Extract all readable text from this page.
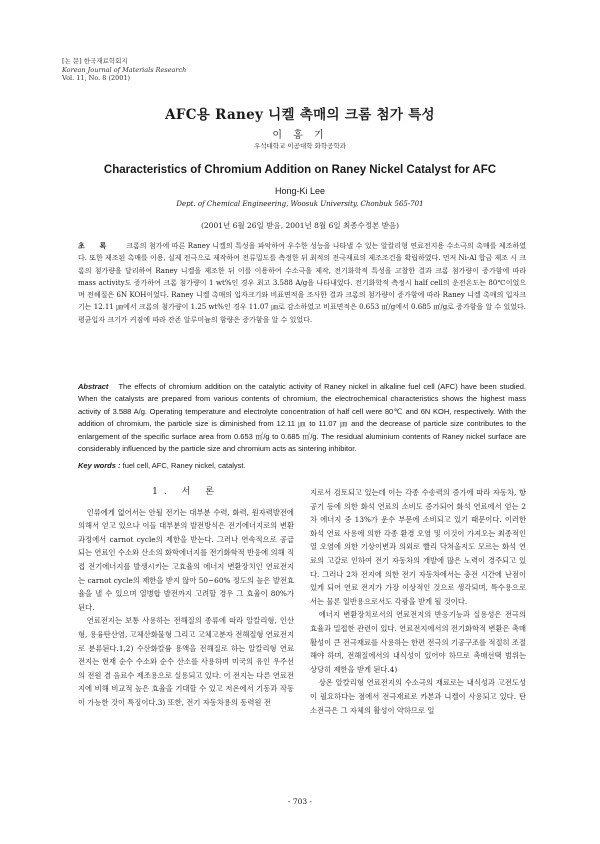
[논 문] 한국재료학회지
Korean Journal of Materials Research
Vol. 11, No. 8 (2001)
AFC용 Raney 니켈 촉매의 크롬 첨가 특성
이 홍 기
우석대학교 이공대학 화학공학과
Characteristics of Chromium Addition on Raney Nickel Catalyst for AFC
Hong-Ki Lee
Dept. of Chemical Engineering, Woosuk University, Chonbuk 565-701
(2001년 6월 26일 받음, 2001년 8월 6일 최종수정본 받음)

초 록 크롬의 첨가에 따른 Raney 니켈의 특성을 파악하여 우수한 성능을 나타낼 수 있는 알칼리형 연료전지용 수소극의 촉매를 제조하였다. 또한 제조된 촉매를 이용, 실제 전극으로 제작하여 전류밀도를 측정한 뒤 최적의 전극재료의 제조조건을 확립하였다. 먼저 Ni-Al 합금 제조 시 크롬의 첨가량을 달리하여 Raney 니켈을 제조한 뒤 이를 이용하여 수소극을 제작, 전기화학적 특성을 고찰한 결과 크롬 첨가량이 증가함에 따라 mass activity도 증가하여 크롬 첨가량이 1 wt%인 경우 최고 3.588 A/g을 나타내었다. 전기화학적 측정시 half cell의 운전온도는 80℃이었으며 전해질은 6N KOH이었다. Raney 니켈 촉매의 입자크기와 비표면적을 조사한 결과 크롬의 첨가량이 증가함에 따라 Raney 니켈 촉매의 입자크기는 12.11 ㎛에서 크롬의 첨가량이 1.25 wt%인 경우 11.07 ㎛로 감소하였고 비표면적은 0.653 ㎡/g에서 0.685 ㎡/g로 증가함을 알 수 있었다. 평균입자 크기가 커짐에 따라 잔존 알루미늄의 함량은 증가함을 알 수 있었다.

Abstract The effects of chromium addition on the catalytic activity of Raney nickel in alkaline fuel cell (AFC) have been studied. When the catalysts are prepared from various contents of chromium, the electrochemical characteristics shows the highest mass activity of 3.588 A/g. Operating temperature and electrolyte concentration of half cell were 80℃ and 6N KOH, respectively. With the addition of chromium, the particle size is diminished from 12.11 ㎛ to 11.07 ㎛ and the decrease of particle size contributes to the enlargement of the specific surface area from 0.653 ㎡/g to 0.685 ㎡/g. The residual aluminium contents of Raney nickel surface are considerably influenced by the particle size and chromium acts as sintering inhibitor.

Key words : fuel cell, AFC, Raney nickel, catalyst.
1. 서 론

인류에게 없어서는 안될 전기는 대부분 수력, 화력, 원자력발전에 의해서 얻고 있으나 이들 대부분의 발전방식은 전기에너지로의 변환과정에서 carnot cycle의 제한을 받는다. 그러나 연속적으로 공급되는 연료인 수소와 산소의 화학에너지를 전기화학적 반응에 의해 직접 전기에너지를 발생시키는 고효율의 에너지 변환장치인 연료전지는 carnot cycle의 제한을 받지 않아 50~60% 정도의 높은 발전효율을 낼 수 있으며 열병합 발전까지 고려할 경우 그 효율이 80%가 된다.

연료전지는 보통 사용하는 전해질의 종류에 따라 알칼리형, 인산형, 용융탄산염, 고체산화물형 그리고 고체고분자 전해질형 연료전지로 분류된다.1,2) 수산화칼륨 용액을 전해질로 하는 알칼리형 연료전지는 현재 순수 수소와 순수 산소를 사용하며 미국의 유인 우주선의 전원 겸 음료수 제조용으로 실용되고 있다. 이 전지는 다른 연료전지에 비해 비교적 높은 효율을 기대할 수 있고 저온에서 기동과 작동이 가능한 것이 특징이다.3) 또한, 전기 자동차용의 동력원 전

지로서 검토되고 있는데 이는 각종 수송력의 증가에 따라 자동차, 항공기 등에 의한 화석 연료의 소비도 증가되어 화석 연료에서 얻는 2차 에너지 중 13%가 운수 부문에 소비되고 있기 때문이다. 이러한 화석 연료 사용에 의한 각종 환경 오염 및 이것이 가져오는 최종적인 열 오염에 의한 기상이변과 의외로 빨리 닥쳐올지도 모르는 화석 연료의 고갈로 인하여 전기 자동차의 개발에 많은 노력이 경주되고 있다. 그러나 2차 전지에 의한 전기 자동차에서는 충전 시간에 난점이 있게 되어 연료 전지가 가장 이상적인 것으로 생각되며, 특수용으로서는 물론 일반용으로서도 각광을 받게 될 것이다.

에너지 변환장치로서의 연료전지의 반응기능과 실용성은 전극의 효율과 밀접한 관련이 있다. 연료전지에서의 전기화학적 변환은 촉매활성이 큰 전극재료를 사용하는 한편 전극의 기공구조를 적절히 조절해야 하며, 전해질에서의 내식성이 있어야 하므로 촉매선택 범위는 상당히 제한을 받게 된다.4)

상온 알칼리형 연료전지의 수소극의 재료로는 내식성과 고전도성이 필요하다는 점에서 전극재료로 카본과 니켈이 사용되고 있다. 탄소전극은 그 자체의 활성이 약하므로 일

- 703 -
